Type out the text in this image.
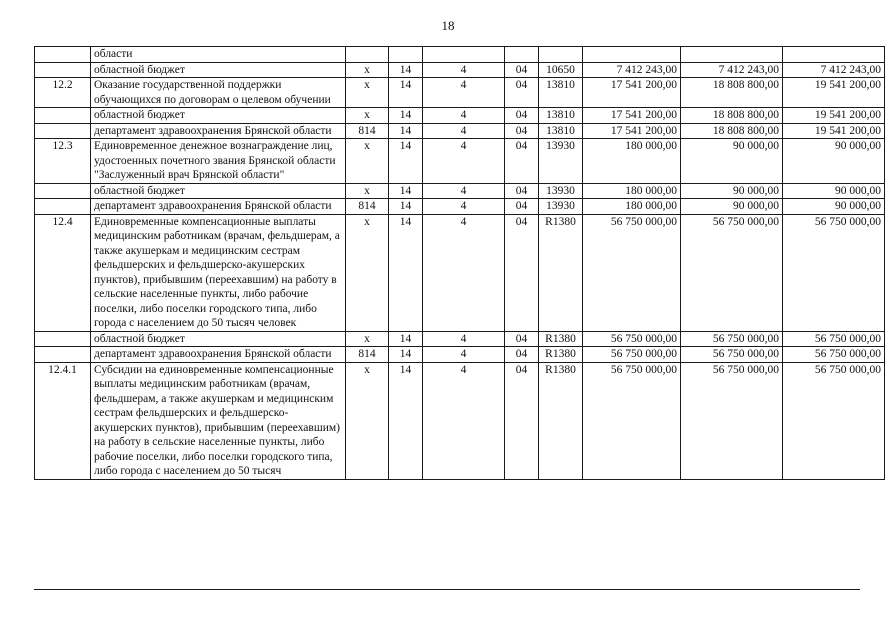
18
	области								
	областной бюджет	x	14	4	04	10650	7 412 243,00	7 412 243,00	7 412 243,00
12.2	Оказание государственной поддержки обучающихся по договорам о целевом обучении	x	14	4	04	13810	17 541 200,00	18 808 800,00	19 541 200,00
	областной бюджет	x	14	4	04	13810	17 541 200,00	18 808 800,00	19 541 200,00
	департамент здравоохранения Брянской области	814	14	4	04	13810	17 541 200,00	18 808 800,00	19 541 200,00
12.3	Единовременное денежное вознаграждение лиц, удостоенных почетного звания Брянской области "Заслуженный врач Брянской области"	x	14	4	04	13930	180 000,00	90 000,00	90 000,00
	областной бюджет	x	14	4	04	13930	180 000,00	90 000,00	90 000,00
	департамент здравоохранения Брянской области	814	14	4	04	13930	180 000,00	90 000,00	90 000,00
12.4	Единовременные компенсационные выплаты медицинским работникам (врачам, фельдшерам, а также акушеркам и медицинским сестрам фельдшерских и фельдшерско-акушерских пунктов), прибывшим (переехавшим) на работу в сельские населенные пункты, либо рабочие поселки, либо поселки городского типа, либо города с населением до 50 тысяч человек	x	14	4	04	R1380	56 750 000,00	56 750 000,00	56 750 000,00
	областной бюджет	x	14	4	04	R1380	56 750 000,00	56 750 000,00	56 750 000,00
	департамент здравоохранения Брянской области	814	14	4	04	R1380	56 750 000,00	56 750 000,00	56 750 000,00
12.4.1	Субсидии на единовременные компенсационные выплаты медицинским работникам (врачам, фельдшерам, а также акушеркам и медицинским сестрам фельдшерских и фельдшерско- акушерских пунктов), прибывшим (переехавшим) на работу в сельские населенные пункты, либо рабочие поселки, либо поселки городского типа, либо города с населением до 50 тысяч	x	14	4	04	R1380	56 750 000,00	56 750 000,00	56 750 000,00
